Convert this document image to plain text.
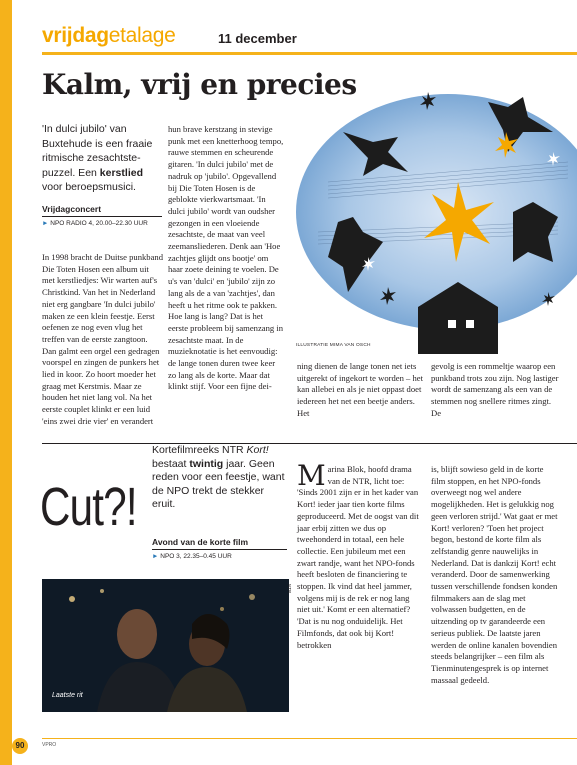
vrijdagetalage	11 december
Kalm, vrij en precies
'In dulci jubilo' van Buxtehude is een fraaie ritmische zesachtste-puzzel. Een kerstlied voor beroepsmusici.
Vrijdagconcert
► NPO RADIO 4, 20.00–22.30 UUR

In 1998 bracht de Duitse punkband Die Toten Hosen een album uit met kerstliedjes: Wir warten auf's Christkind. Van het in Nederland niet erg gangbare 'In dulci jubilo' maken ze een klein feestje. Eerst oefenen ze nog even vlug het treffen van de eerste zangtoon. Dan galmt een orgel een gedragen voorspel en zingen de punkers het lied in koor. Zo hoort moeder het graag met Kerstmis. Maar ze houden het niet lang vol. Na het eerste couplet klinkt er een luid 'eins zwei drie vier' en verandert

hun brave kerstzang in stevige punk met een knetterhoog tempo, rauwe stemmen en scheurende gitaren. 'In dulci jubilo' met de nadruk op 'jubilo'. Opgevallend bij Die Toten Hosen is de geblokte vierkwartsmaat. 'In dulci jubilo' wordt van oudsher gezongen in een vloeiende zesachtste, de maat van veel zeemansliederen. Denk aan 'Hoe zachtjes glijdt ons bootje' om haar zoete deining te voelen. De u's van 'dulci' en 'jubilo' zijn zo lang als de a van 'zachtjes', dan heeft u het ritme ook te pakken. Hoe lang is lang? Dat is het eerste probleem bij samenzang in zesachtste maat. In de muzieknotatie is het eenvoudig: de lange tonen duren twee keer zo lang als de korte. Maar dat klinkt stijf. Voor een fijne dei-

ning dienen de lange tonen net iets uitgerekt of ingekort te worden – het kan allebei en als je niet oppast doet iedereen het net een beetje anders. Het

gevolg is een rommeltje waarop een punkband trots zou zijn. Nog lastiger wordt de samenzang als een van de stemmen nog snellere ritmes zingt. De

ILLUSTRATIE MIMA VAN OSCH
Cut?!
Kortefilmreeks NTR Kort! bestaat twintig jaar. Geen reden voor een feestje, want de NPO trekt de stekker eruit.
Avond van de korte film
► NPO 3, 22.35–0.45 UUR
Laatste rit
NTR
Marina Blok, hoofd drama van de NTR, licht toe: 'Sinds 2001 zijn er in het kader van Kort! ieder jaar tien korte films geproduceerd. Met de oogst van dit jaar erbij zitten we dus op tweehonderd in totaal, een hele collectie. Een jubileum met een zwart randje, want het NPO-fonds heeft besloten de financiering te stoppen. Ik vind dat heel jammer, volgens mij is de rek er nog lang niet uit.' Komt er een alternatief? 'Dat is nu nog onduidelijk. Het Filmfonds, dat ook bij Kort! betrokken

is, blijft sowieso geld in de korte film stoppen, en het NPO-fonds overweegt nog wel andere mogelijkheden. Het is gelukkig nog geen verloren strijd.' Wat gaat er met Kort! verloren? 'Toen het project begon, bestond de korte film als zelfstandig genre nauwelijks in Nederland. Dat is dankzij Kort! echt veranderd. Door de samenwerking tussen verschillende fondsen konden filmmakers aan de slag met volwassen budgetten, en de uitzending op tv garandeerde een serieus publiek. De laatste jaren werden de online kanalen bovendien steeds belangrijker – een film als Tienminutengesprek is op internet massaal gedeeld.

90	VPRO
